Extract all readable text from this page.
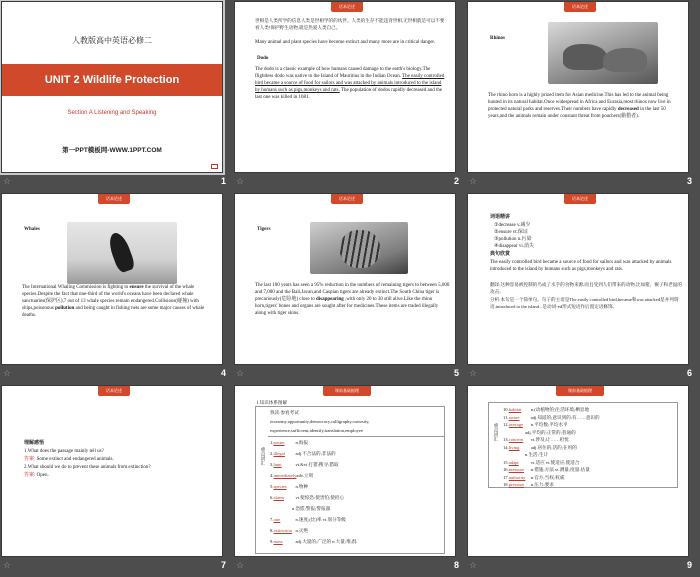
人教版高中英语必修二
UNIT 2 Wildlife Protection
Section A Listening and Speaking
第一PPT模板网-WWW.1PPT.COM
☆	1
话本论述
世相是人类所学的信息人类是世相学的的伙伴。人类的生存不能违背世相,无世相就是可以不要看人类!保护野生动物,就是热爱人类自己。
Many animal and plant species have become extinct and many more are in critical danger.
Dodo
The dodo is a classic example of how humans caused damage to the earth's biology.The flightless dodo was native to the Island of Mauritius in the Indian Ocean. The easily controlled bird became a source of food for sailors and was attacked by animals introduced to the island by humans such as pigs,monkeys and rats. The population of dodos rapidly decreased and the last one was killed in 1681.
☆	2
话本论述
Rhinos
The rhino horn is a highly prized item for Asian medicine.This has led to the animal being hunted in its natural habitat.Once widespread in Africa and Eurasia,most rhinos now live in protected natural parks and reserves.Their numbers have rapidly decreased in the last 50 years,and the animals remain under constant threat from poachers(偷猎者).
☆	3
话本论述
Whales
The International Whaling Commission is fighting to ensure the survival of the whale species.Despite the fact that one-third of the world's oceans have been declared whale sanctuaries(保护区),7 out of 13 whale species remain endangered.Collisions(碰撞) with ships,poisonous pollution and being caught in fishing nets are some major causes of whale deaths.
☆	4
话本论述
Tigers
The last 100 years has seen a 95% reduction in the numbers of remaining tigers to between 5,000 and 7,000 and the Bali,Javan,and Caspian tigers are already extinct.The South China tiger is precariously(危险地) close to disappearing ,with only 20 to 30 still alive.Like the rhino horn,tigers' bones and organs are sought after for medicines.These items are traded illegally along with tiger skins.
☆	5
话本论述
词语精讲
①decrease v.减少
②ensure vt.保证
③pollution n.污染
④disappear vi.消失
典句欣赏
The easily controlled bird became a source of food for sailors and was attacked by animals introduced to the island by humans such as pigs,monkeys and rats.
翻译:这种容易被控制的鸟成了水手的食物来源,而且受到人们带来的动物,比如猪、猴子和老鼠的攻击。
分析:本句是一个简单句。句子的主语是The easily controlled bird,became和was attacked是并列谓语,introduced to the island...是动词-ed形式短语作后置定语修饰。
☆	6
话本论述
理解感悟
1.What does the passage mainly tell us?
答案: Some extinct and endangered animals.
2.What should we do to prevent these animals from extinction?
答案: Open.
☆	7
课前基础梳理
Ⅰ.知识体系图解
重点词汇
熟读:参看考试
economy,opportunity,democracy,calligraphy,curiosity,
experience,sufficient,identify,translation,employee
1.poster n.海报
2.illegal adj.不合法的;非法的
3.hunt	vt.&vi.打猎;搜寻;猎取
4.immediatelyadv.立刻
5.species n.物种
6.alarm	vt.使惊恐;使害怕;使担心
n.恐慌;警报;警报器
7.rate	n.速度;(比)率 vt.划分等级
8.extinction n.灭绝
9.mass	adj.大量的;广泛的 n.大量;堆;群
☆	8
课前基础梳理
重点词汇
10.habitat n.(动植物的)生活环境;栖息地
11.aware adj.知道的;意识到的;有……意识的
12.average n.平均数;平均水平
adj.平均的;正常的;普通的
13.concern vt.涉及;让……担忧
14.living adj.居住的;活的;在用的
n.生活;生计
15.adapt	vi.适应 vt.使适应;使适合
16.measure n.措施;方法 vt.测量;度量;估量
17.authority n.官方;当权;权威
18.pressure n.压力;要求
☆	9
